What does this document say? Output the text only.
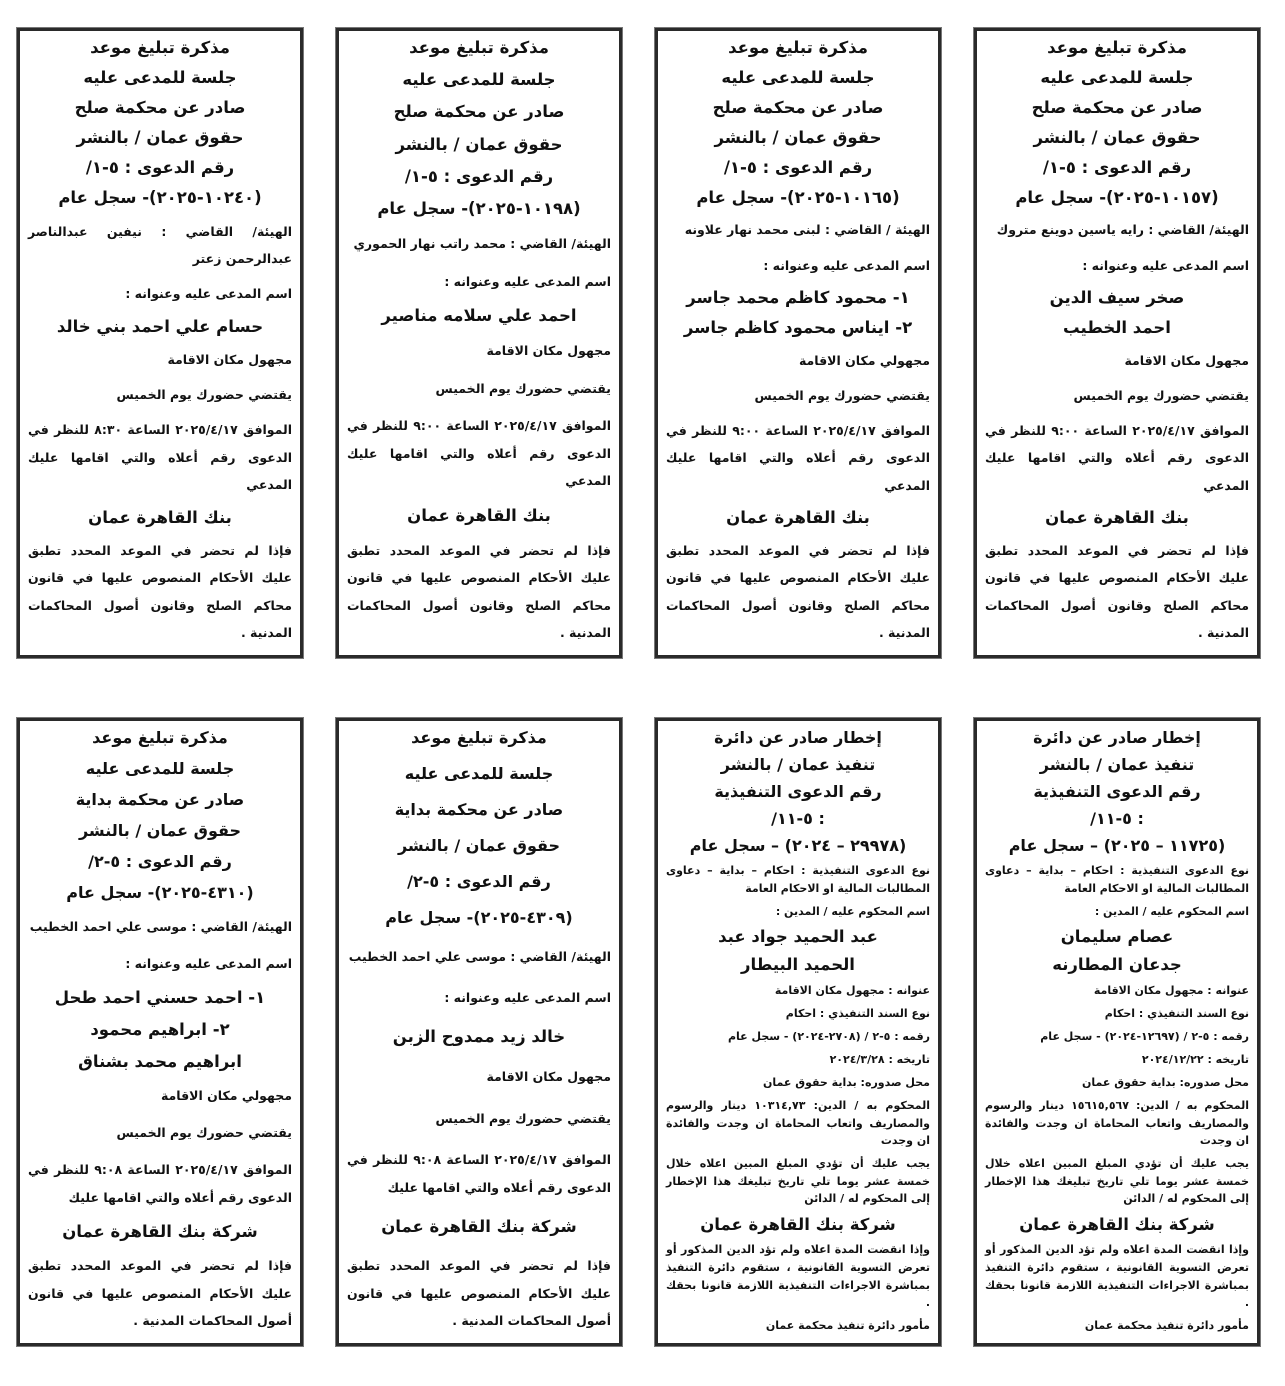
مذكرة تبليغ موعد
جلسة للمدعى عليه
صادر عن محكمة صلح
حقوق عمان / بالنشر
رقم الدعوى : ٥-١/
(١٠١٥٧-٢٠٢٥)- سجل عام
الهيئة/ القاضي : رايه ياسين دوينع متروك
اسم المدعى عليه وعنوانه :
صخر سيف الدين
احمد الخطيب
مجهول مكان الاقامة
يقتضي حضورك يوم الخميس
الموافق ٢٠٢٥/٤/١٧ الساعة ٩:٠٠ للنظر في الدعوى رقم أعلاه والتي اقامها عليك المدعي
بنك القاهرة عمان
فإذا لم تحضر في الموعد المحدد تطبق عليك الأحكام المنصوص عليها في قانون محاكم الصلح وقانون أصول المحاكمات المدنية .
مذكرة تبليغ موعد
جلسة للمدعى عليه
صادر عن محكمة صلح
حقوق عمان / بالنشر
رقم الدعوى : ٥-١/
(١٠١٦٥-٢٠٢٥)- سجل عام
الهيئة / القاضي : لبنى محمد نهار علاونه
اسم المدعى عليه وعنوانه :
١- محمود كاظم محمد جاسر
٢- ايناس محمود كاظم جاسر
مجهولي مكان الاقامة
يقتضي حضورك يوم الخميس
الموافق ٢٠٢٥/٤/١٧ الساعة ٩:٠٠ للنظر في الدعوى رقم أعلاه والتي اقامها عليك المدعي
بنك القاهرة عمان
فإذا لم تحضر في الموعد المحدد تطبق عليك الأحكام المنصوص عليها في قانون محاكم الصلح وقانون أصول المحاكمات المدنية .
مذكرة تبليغ موعد
جلسة للمدعى عليه
صادر عن محكمة صلح
حقوق عمان / بالنشر
رقم الدعوى : ٥-١/
(١٠١٩٨-٢٠٢٥)- سجل عام
الهيئة/ القاضي : محمد راتب نهار الحموري
اسم المدعى عليه وعنوانه :
احمد علي سلامه مناصير
مجهول مكان الاقامة
يقتضي حضورك يوم الخميس
الموافق ٢٠٢٥/٤/١٧ الساعة ٩:٠٠ للنظر في الدعوى رقم أعلاه والتي اقامها عليك المدعي
بنك القاهرة عمان
فإذا لم تحضر في الموعد المحدد تطبق عليك الأحكام المنصوص عليها في قانون محاكم الصلح وقانون أصول المحاكمات المدنية .
مذكرة تبليغ موعد
جلسة للمدعى عليه
صادر عن محكمة صلح
حقوق عمان / بالنشر
رقم الدعوى : ٥-١/
(١٠٢٤٠-٢٠٢٥)- سجل عام
الهيئة/ القاضي : نيفين عبدالناصر عبدالرحمن زعتر
اسم المدعى عليه وعنوانه :
حسام علي احمد بني خالد
مجهول مكان الاقامة
يقتضي حضورك يوم الخميس
الموافق ٢٠٢٥/٤/١٧ الساعة ٨:٣٠ للنظر في الدعوى رقم أعلاه والتي اقامها عليك المدعي
بنك القاهرة عمان
فإذا لم تحضر في الموعد المحدد تطبق عليك الأحكام المنصوص عليها في قانون محاكم الصلح وقانون أصول المحاكمات المدنية .
إخطار صادر عن دائرة
تنفيذ عمان / بالنشر
رقم الدعوى التنفيذية
: ٥-١١/
(١١٧٢٥ – ٢٠٢٥) – سجل عام
نوع الدعوى التنفيذية : احكام – بداية – دعاوى المطالبات المالية او الاحكام العامة
اسم المحكوم عليه / المدين :
عصام سليمان
جدعان المطارنه
عنوانه : مجهول مكان الاقامة
نوع السند التنفيذي : احكام
رقمه : ٥-٢ / (١٢٦٩٧-٢٠٢٤) - سجل عام
تاريخه : ٢٠٢٤/١٢/٢٢
محل صدوره: بداية حقوق عمان
المحكوم به / الدين: ١٥٦١٥,٥٦٧ دينار والرسوم والمصاريف واتعاب المحاماة ان وجدت والفائدة ان وجدت
يجب عليك أن تؤدي المبلغ المبين اعلاه خلال خمسة عشر يوما تلي تاريخ تبليغك هذا الإخطار إلى المحكوم له / الدائن
شركة بنك القاهرة عمان
وإذا انقضت المدة اعلاه ولم تؤد الدين المذكور أو تعرض التسوية القانونية ، ستقوم دائرة التنفيذ بمباشرة الاجراءات التنفيذية اللازمة قانونا بحقك .
مأمور دائرة تنفيذ محكمة عمان
إخطار صادر عن دائرة
تنفيذ عمان / بالنشر
رقم الدعوى التنفيذية
: ٥-١١/
(٢٩٩٧٨ – ٢٠٢٤) – سجل عام
نوع الدعوى التنفيذية : احكام – بداية – دعاوى المطالبات المالية او الاحكام العامة
اسم المحكوم عليه / المدين :
عبد الحميد جواد عبد
الحميد البيطار
عنوانه : مجهول مكان الاقامة
نوع السند التنفيذي : احكام
رقمه : ٥-٢ / (٢٧٠٨-٢٠٢٤) - سجل عام
تاريخه : ٢٠٢٤/٣/٢٨
محل صدوره: بداية حقوق عمان
المحكوم به / الدين: ١٠٣١٤,٧٣ دينار والرسوم والمصاريف واتعاب المحاماة ان وجدت والفائدة ان وجدت
يجب عليك أن تؤدي المبلغ المبين اعلاه خلال خمسة عشر يوما تلي تاريخ تبليغك هذا الإخطار إلى المحكوم له / الدائن
شركة بنك القاهرة عمان
وإذا انقضت المدة اعلاه ولم تؤد الدين المذكور أو تعرض التسوية القانونية ، ستقوم دائرة التنفيذ بمباشرة الاجراءات التنفيذية اللازمة قانونا بحقك .
مأمور دائرة تنفيذ محكمة عمان
مذكرة تبليغ موعد
جلسة للمدعى عليه
صادر عن محكمة بداية
حقوق عمان / بالنشر
رقم الدعوى : ٥-٢/
(٤٣٠٩-٢٠٢٥)- سجل عام
الهيئة/ القاضي : موسى علي احمد الخطيب
اسم المدعى عليه وعنوانه :
خالد زيد ممدوح الزبن
مجهول مكان الاقامة
يقتضي حضورك يوم الخميس
الموافق ٢٠٢٥/٤/١٧ الساعة ٩:٠٨ للنظر في الدعوى رقم أعلاه والتي اقامها عليك
شركة بنك القاهرة عمان
فإذا لم تحضر في الموعد المحدد تطبق عليك الأحكام المنصوص عليها في قانون أصول المحاكمات المدنية .
مذكرة تبليغ موعد
جلسة للمدعى عليه
صادر عن محكمة بداية
حقوق عمان / بالنشر
رقم الدعوى : ٥-٢/
(٤٣١٠-٢٠٢٥)- سجل عام
الهيئة/ القاضي : موسى علي احمد الخطيب
اسم المدعى عليه وعنوانه :
١- احمد حسني احمد طحل
٢- ابراهيم محمود
ابراهيم محمد بشناق
مجهولي مكان الاقامة
يقتضي حضورك يوم الخميس
الموافق ٢٠٢٥/٤/١٧ الساعة ٩:٠٨ للنظر في الدعوى رقم أعلاه والتي اقامها عليك
شركة بنك القاهرة عمان
فإذا لم تحضر في الموعد المحدد تطبق عليك الأحكام المنصوص عليها في قانون أصول المحاكمات المدنية .
